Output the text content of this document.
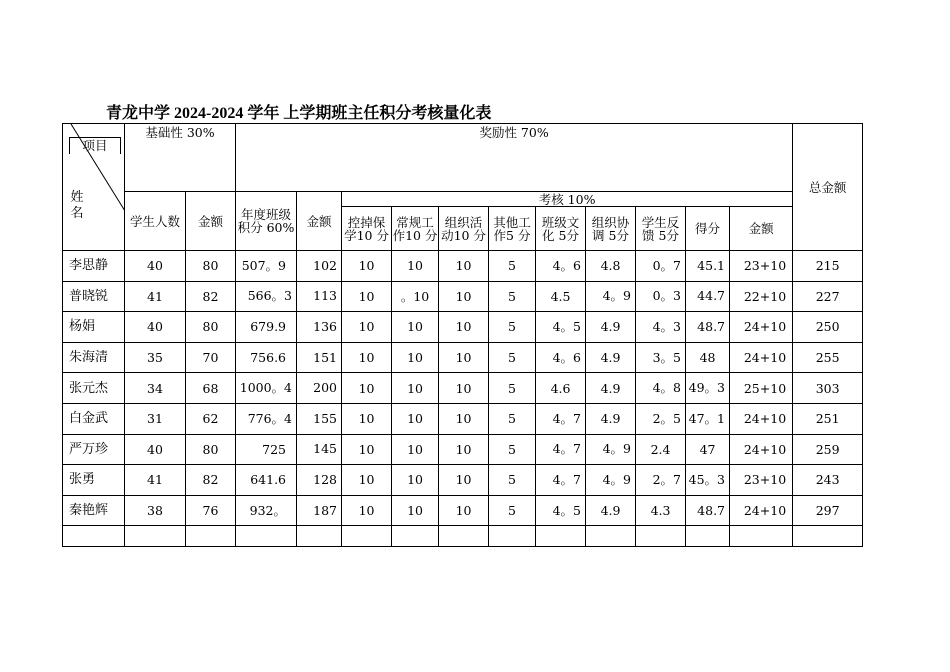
青龙中学 2024-2024 学年 上学期班主任积分考核量化表
项目
姓名	基础性 30%		奖励性 70%											总金额
	学生人数	金额	年度班级积分 60%	金额	考核 10%									
					控掉保学10 分	常规工作10 分	组织活动10 分	其他工作5 分	班级文化 5分	组织协调 5分	学生反馈 5分	得分	金额	
李思静	40	80	507。9	102	10	10	10	5	4。6	4.8	0。7	45.1	23+10	215
普晓锐	41	82	566。3	113	10	。10	10	5	4.5	4。9	0。3	44.7	22+10	227
杨娟	40	80	679.9	136	10	10	10	5	4。5	4.9	4。3	48.7	24+10	250
朱海清	35	70	756.6	151	10	10	10	5	4。6	4.9	3。5	48	24+10	255
张元杰	34	68	1000。4	200	10	10	10	5	4.6	4.9	4。8	49。3	25+10	303
白金武	31	62	776。4	155	10	10	10	5	4。7	4.9	2。5	47。1	24+10	251
严万珍	40	80	725	145	10	10	10	5	4。7	4。9	2.4	47	24+10	259
张勇	41	82	641.6	128	10	10	10	5	4。7	4。9	2。7	45。3	23+10	243
秦艳辉	38	76	932。	187	10	10	10	5	4。5	4.9	4.3	48.7	24+10	297
